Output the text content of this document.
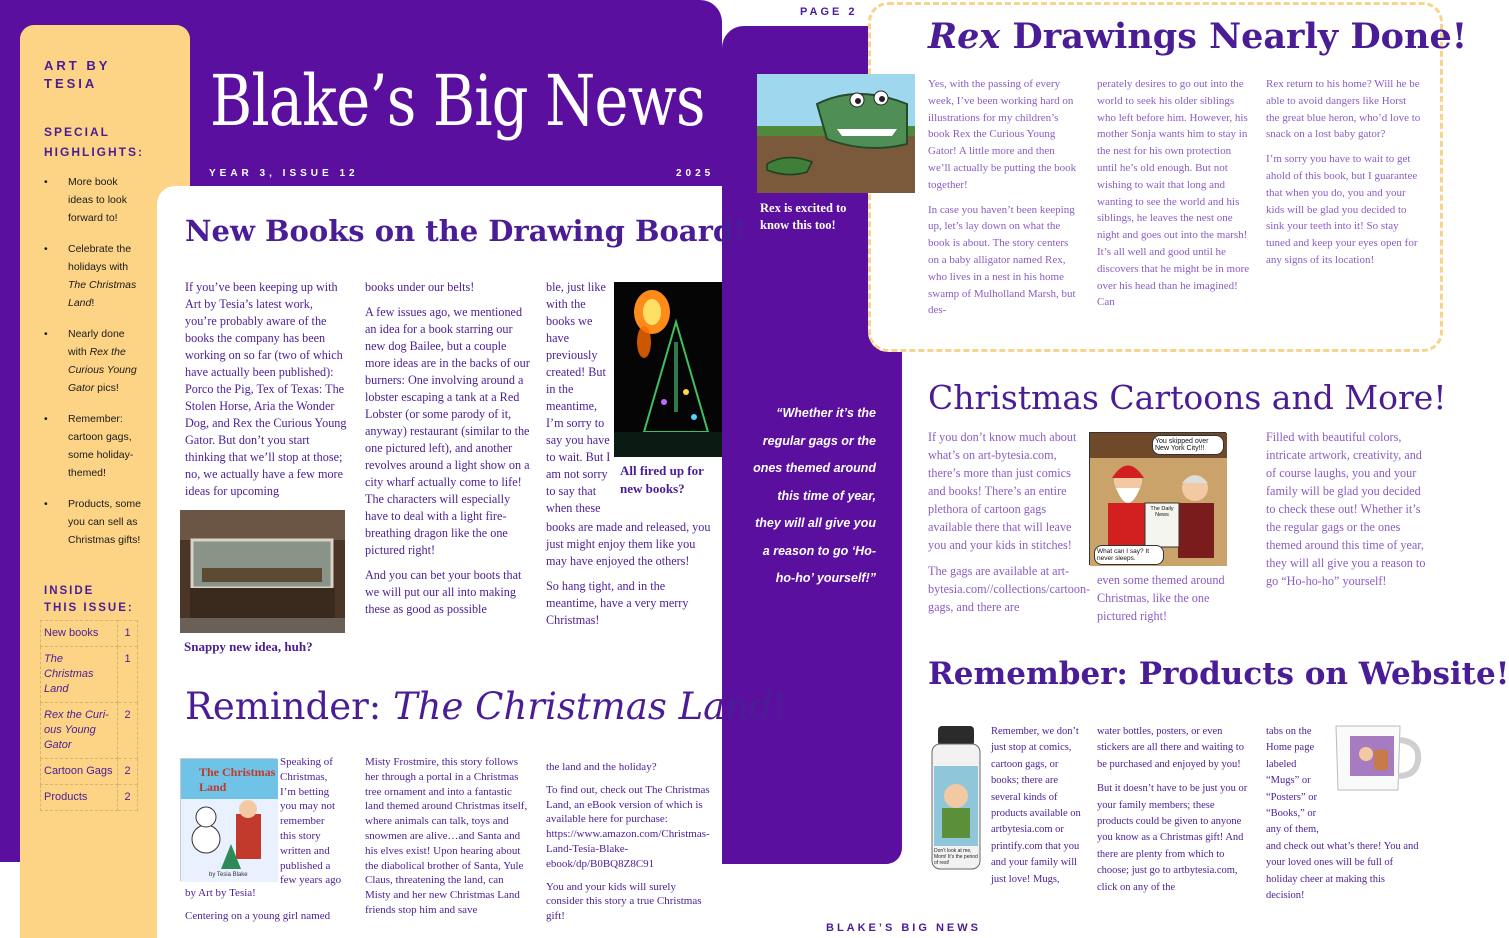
ART BY
TESIA
SPECIAL
HIGHLIGHTS:
• More book ideas to look forward to!
• Celebrate the holidays with The Christmas Land!
• Nearly done with Rex the Curious Young Gator pics!
• Remember: cartoon gags, some holiday-themed!
• Products, some you can sell as Christmas gifts!
INSIDE
THIS ISSUE:
New books	1
The Christmas Land	1
Rex the Curi-ous Young Gator	2
Cartoon Gags	2
Products	2
Blake’s Big News
YEAR 3, ISSUE 12	2025
New Books on the Drawing Board!

If you’ve been keeping up with Art by Tesia’s latest work, you’re probably aware of the books the company has been working on so far (two of which have actually been published): Porco the Pig, Tex of Texas: The Stolen Horse, Aria the Wonder Dog, and Rex the Curious Young Gator. But don’t you start thinking that we’ll stop at those; no, we actually have a few more ideas for upcoming

Snappy new idea, huh?

books under our belts!

A few issues ago, we mentioned an idea for a book starring our new dog Bailee, but a couple more ideas are in the backs of our burners: One involving around a lobster escaping a tank at a Red Lobster (or some parody of it, anyway) restaurant (similar to the one pictured left), and another revolves around a light show on a city wharf actually come to life! The characters will especially have to deal with a light fire-breathing dragon like the one pictured right!

And you can bet your boots that we will put our all into making these as good as possible

ble, just like with the books we have previously created! But in the meantime, I’m sorry to say you have to wait. But I am not sorry to say that when these

All fired up for new books?

books are made and released, you just might enjoy them like you may have enjoyed the others!

So hang tight, and in the meantime, have a very merry Christmas!

Reminder: The Christmas Land!
The Christmas Land
by Tesia Blake

Speaking of Christmas, I’m betting you may not remember this story written and published a few years ago

by Art by Tesia!

Centering on a young girl named

Misty Frostmire, this story follows her through a portal in a Christmas tree ornament and into a fantastic land themed around Christmas itself, where animals can talk, toys and snowmen are alive…and Santa and his elves exist! Upon hearing about the diabolical brother of Santa, Yule Claus, threatening the land, can Misty and her new Christmas Land friends stop him and save

the land and the holiday?

To find out, check out The Christmas Land, an eBook version of which is available here for purchase: https://www.amazon.com/Christmas-Land-Tesia-Blake-ebook/dp/B0BQ8Z8C91

You and your kids will surely consider this story a true Christmas gift!

PAGE 2
Rex is excited to know this too!
“Whether it’s the regular gags or the ones themed around this time of year, they will all give you a reason to go ‘Ho-ho-ho’ yourself!”
Rex Drawings Nearly Done!

Yes, with the passing of every week, I’ve been working hard on illustrations for my children’s book Rex the Curious Young Gator! A little more and then we’ll actually be putting the book together!

In case you haven’t been keeping up, let’s lay down on what the book is about. The story centers on a baby alligator named Rex, who lives in a nest in his home swamp of Mulholland Marsh, but des-

perately desires to go out into the world to seek his older siblings who left before him. However, his mother Sonja wants him to stay in the nest for his own protection until he’s old enough. But not wishing to wait that long and wanting to see the world and his siblings, he leaves the nest one night and goes out into the marsh! It’s all well and good until he discovers that he might be in more over his head than he imagined! Can

Rex return to his home? Will he be able to avoid dangers like Horst the great blue heron, who’d love to snack on a lost baby gator?

I’m sorry you have to wait to get ahold of this book, but I guarantee that when you do, you and your kids will be glad you decided to sink your teeth into it! So stay tuned and keep your eyes open for any signs of its location!

Christmas Cartoons and More!

If you don’t know much about what’s on art-bytesia.com, there’s more than just comics and books! There’s an entire plethora of cartoon gags available there that will leave you and your kids in stitches!

The gags are available at art-bytesia.com//collections/cartoon-gags, and there are

You skipped over New York City!!!
What can I say? It never sleeps.
The Daily News

even some themed around Christmas, like the one pictured right!

Filled with beautiful colors, intricate artwork, creativity, and of course laughs, you and your family will be glad you decided to check these out! Whether it’s the regular gags or the ones themed around this time of year, they will all give you a reason to go “Ho-ho-ho” yourself!

Remember: Products on Website!
Don’t look at me, Mom! It’s the period of rest!

Remember, we don’t just stop at comics, cartoon gags, or books; there are several kinds of products available on artbytesia.com or printify.com that you and your family will just love! Mugs,

water bottles, posters, or even stickers are all there and waiting to be purchased and enjoyed by you!

But it doesn’t have to be just you or your family members; these products could be given to anyone you know as a Christmas gift! And there are plenty from which to choose; just go to artbytesia.com, click on any of the

tabs on the Home page labeled “Mugs” or “Posters” or “Books,” or any of them,

and check out what’s there! You and your loved ones will be full of holiday cheer at making this decision!

BLAKE’S BIG NEWS
